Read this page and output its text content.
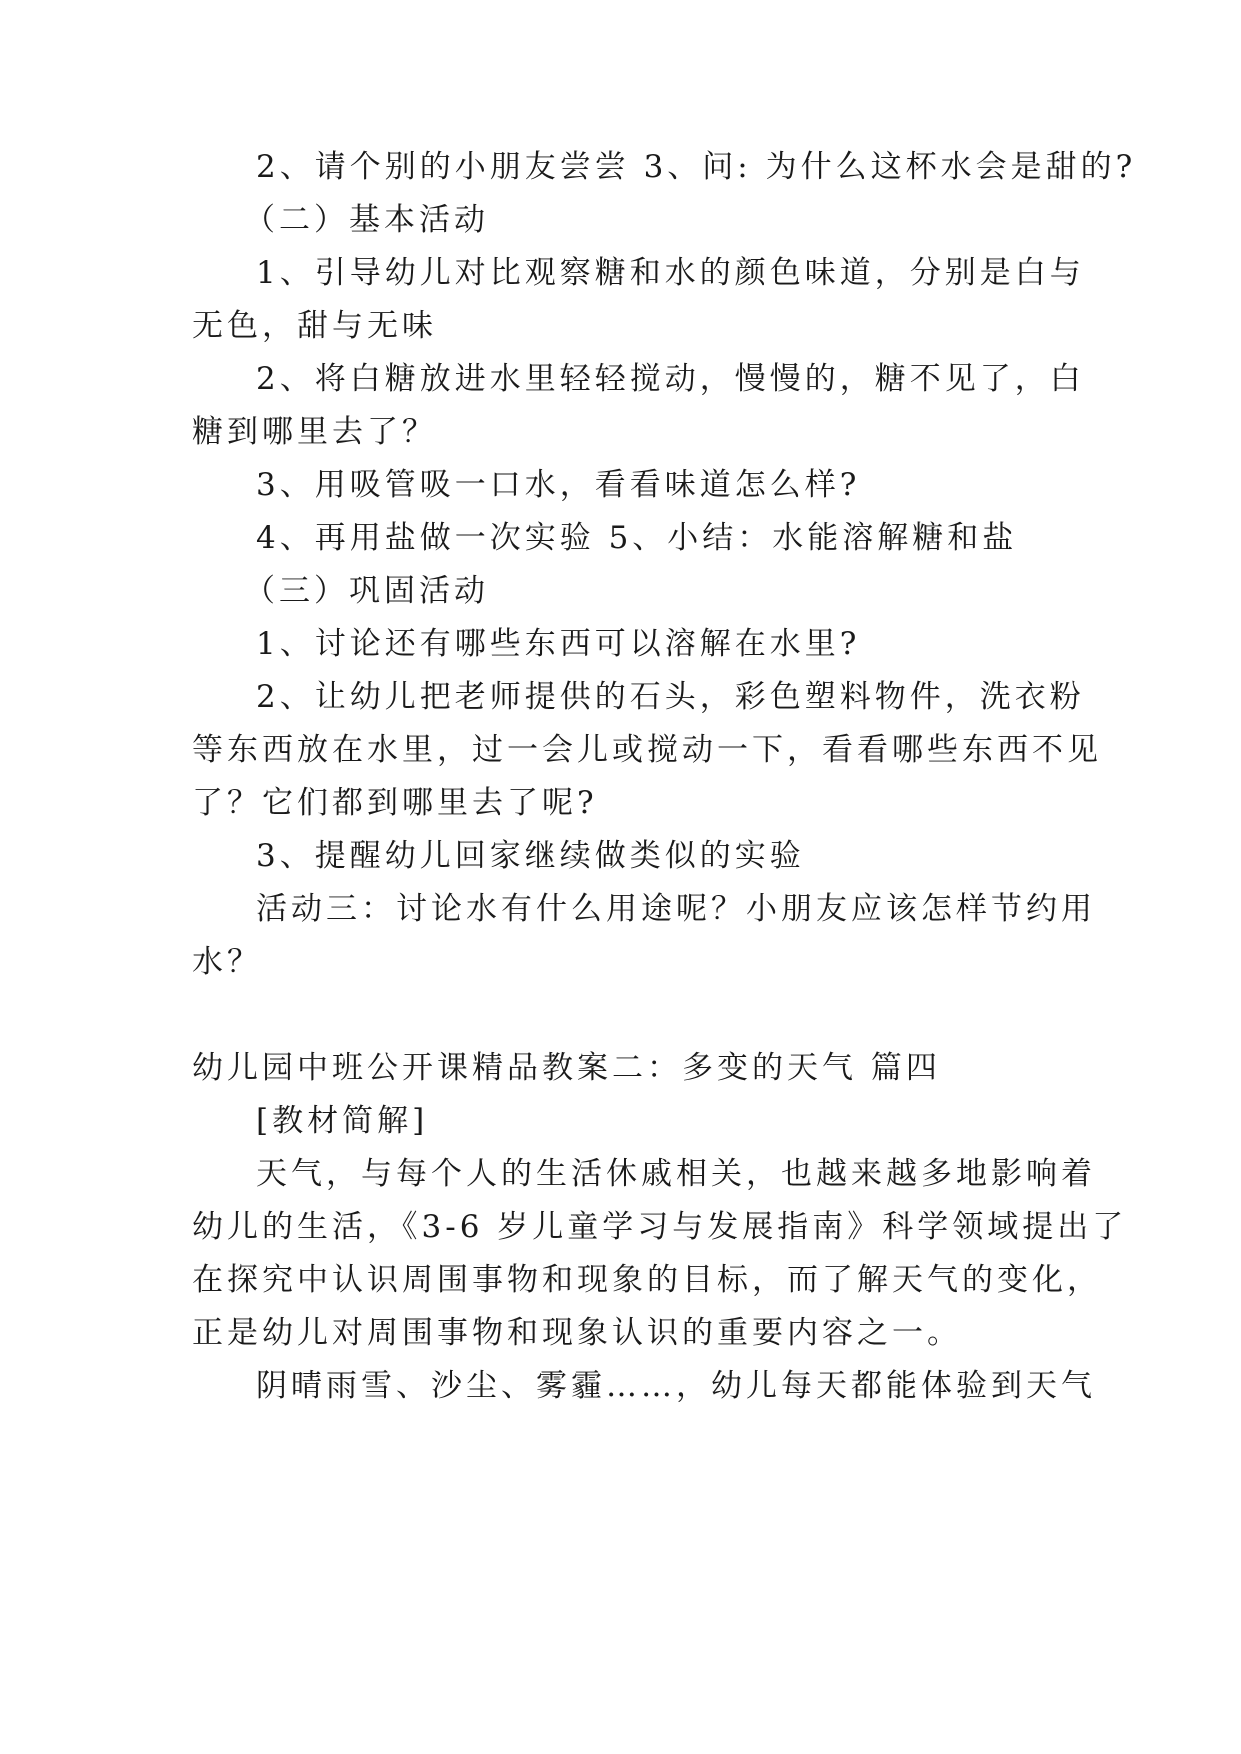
2、请个别的小朋友尝尝 3、问: 为什么这杯水会是甜的?
（二）基本活动
1、引导幼儿对比观察糖和水的颜色味道，分别是白与
无色，甜与无味
2、将白糖放进水里轻轻搅动，慢慢的，糖不见了，白
糖到哪里去了？
3、用吸管吸一口水，看看味道怎么样?
4、再用盐做一次实验 5、小结：水能溶解糖和盐
（三）巩固活动
1、讨论还有哪些东西可以溶解在水里?
2、让幼儿把老师提供的石头，彩色塑料物件，洗衣粉
等东西放在水里，过一会儿或搅动一下，看看哪些东西不见
了？它们都到哪里去了呢?
3、提醒幼儿回家继续做类似的实验
活动三：讨论水有什么用途呢？小朋友应该怎样节约用
水？
幼儿园中班公开课精品教案二：多变的天气 篇四
[教材简解]
天气，与每个人的生活休戚相关，也越来越多地影响着
幼儿的生活，《3-6 岁儿童学习与发展指南》科学领域提出了
在探究中认识周围事物和现象的目标，而了解天气的变化，
正是幼儿对周围事物和现象认识的重要内容之一。
阴晴雨雪、沙尘、雾霾……，幼儿每天都能体验到天气
